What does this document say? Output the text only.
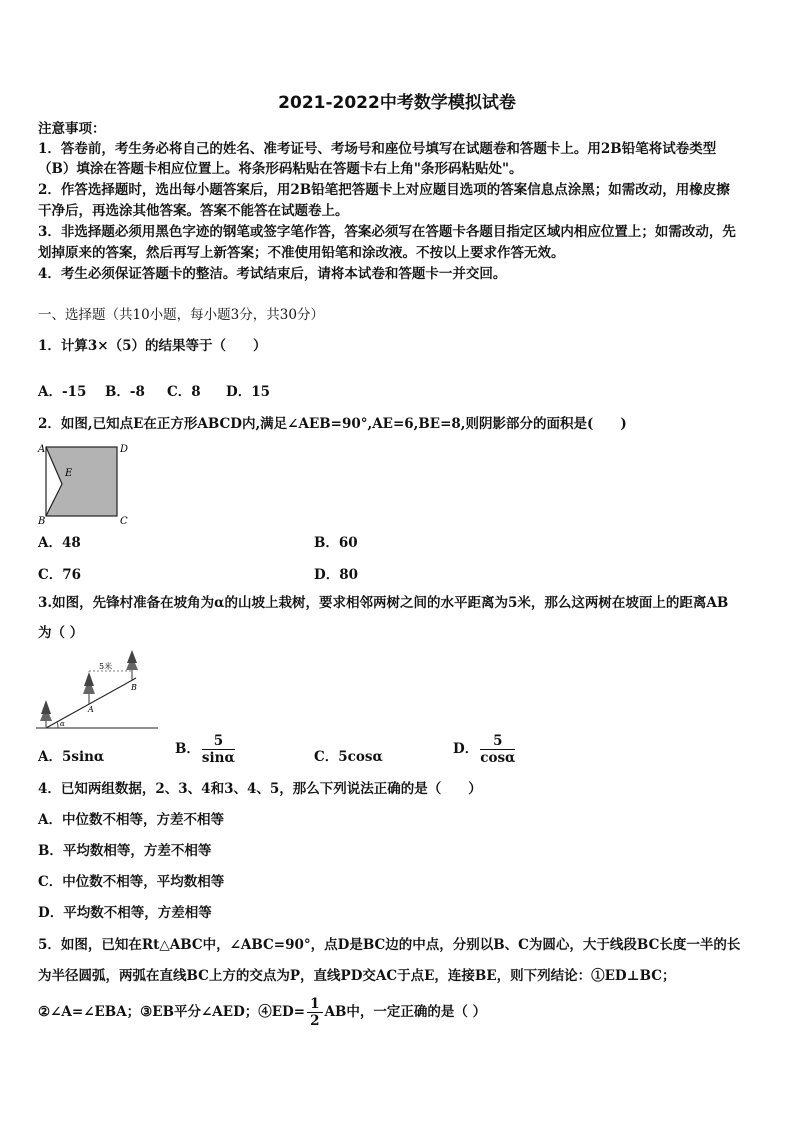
2021-2022中考数学模拟试卷
注意事项：
1．答卷前，考生务必将自己的姓名、准考证号、考场号和座位号填写在试题卷和答题卡上。用2B铅笔将试卷类型
（B）填涂在答题卡相应位置上。将条形码粘贴在答题卡右上角"条形码粘贴处"。
2．作答选择题时，选出每小题答案后，用2B铅笔把答题卡上对应题目选项的答案信息点涂黑；如需改动，用橡皮擦
干净后，再选涂其他答案。答案不能答在试题卷上。
3．非选择题必须用黑色字迹的钢笔或签字笔作答，答案必须写在答题卡各题目指定区域内相应位置上；如需改动，先
划掉原来的答案，然后再写上新答案；不准使用铅笔和涂改液。不按以上要求作答无效。
4．考生必须保证答题卡的整洁。考试结束后，请将本试卷和答题卡一并交回。
一、选择题（共10小题，每小题3分，共30分）
1．计算3×（5）的结果等于（　　）
A．-15 B．-8 C．8 D．15
2．如图,已知点E在正方形ABCD内,满足∠AEB=90°,AE=6,BE=8,则阴影部分的面积是(　　)
A	D
E
B	C
A．48	B．60
C．76	D．80
3.如图，先锋村准备在坡角为α的山坡上栽树，要求相邻两树之间的水平距离为5米，那么这两树在坡面上的距离AB
为（ ）
5米
B
A
α
A．5sinα	B． $\frac{5}{\sin\alpha}$	C．5cosα	D． $\frac{5}{\cos\alpha}$
4．已知两组数据，2、3、4和3、4、5，那么下列说法正确的是（　　）
A．中位数不相等，方差不相等
B．平均数相等，方差不相等
C．中位数不相等，平均数相等
D．平均数不相等，方差相等
5．如图，已知在Rt△ABC中，∠ABC=90°，点D是BC边的中点，分别以B、C为圆心，大于线段BC长度一半的长
为半径圆弧，两弧在直线BC上方的交点为P，直线PD交AC于点E，连接BE，则下列结论：①ED⊥BC；
②∠A=∠EBA；③EB平分∠AED；④ED= $\frac{1}{2}$ AB中，一定正确的是（ ）
